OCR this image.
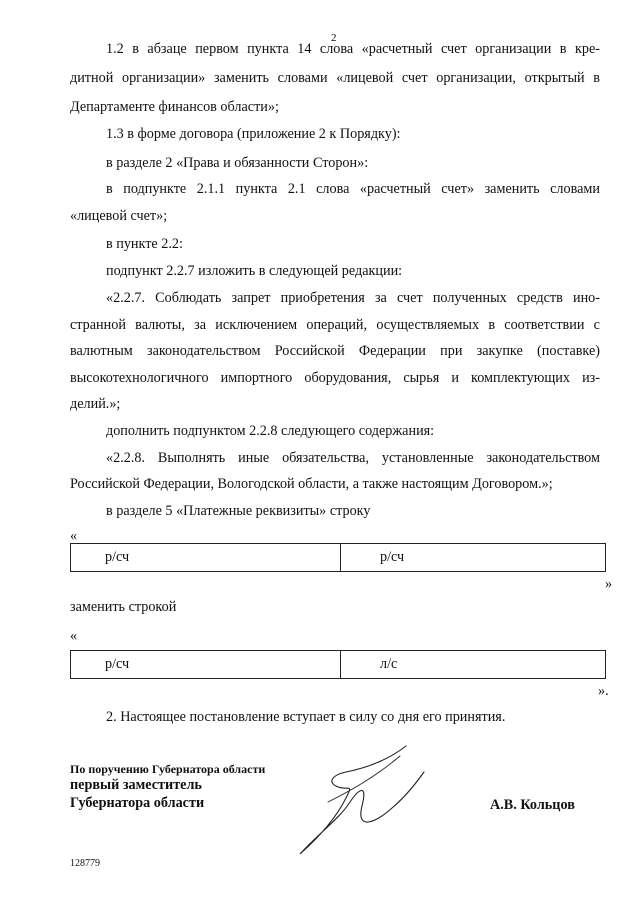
2
1.2 в абзаце первом пункта 14 слова «расчетный счет организации в кре-
дитной организации» заменить словами «лицевой счет организации, открытый в
Департаменте финансов области»;
1.3 в форме договора (приложение 2 к Порядку):
в разделе 2 «Права и обязанности Сторон»:
в подпункте 2.1.1 пункта 2.1 слова «расчетный счет» заменить словами
«лицевой счет»;
в пункте 2.2:
подпункт 2.2.7 изложить в следующей редакции:
«2.2.7. Соблюдать запрет приобретения за счет полученных средств ино-
странной валюты, за исключением операций, осуществляемых в соответствии с
валютным законодательством Российской Федерации при закупке (поставке)
высокотехнологичного импортного оборудования, сырья и комплектующих из-
делий.»;
дополнить подпунктом 2.2.8 следующего содержания:
«2.2.8. Выполнять иные обязательства, установленные законодательством
Российской Федерации, Вологодской области, а также настоящим Договором.»;
в разделе 5 «Платежные реквизиты» строку
«
р/сч	р/сч
»
заменить строкой
«
р/сч	л/с
».
2. Настоящее постановление вступает в силу со дня его принятия.
По поручению Губернатора области
первый заместитель
Губернатора области	А.В. Кольцов
128779
